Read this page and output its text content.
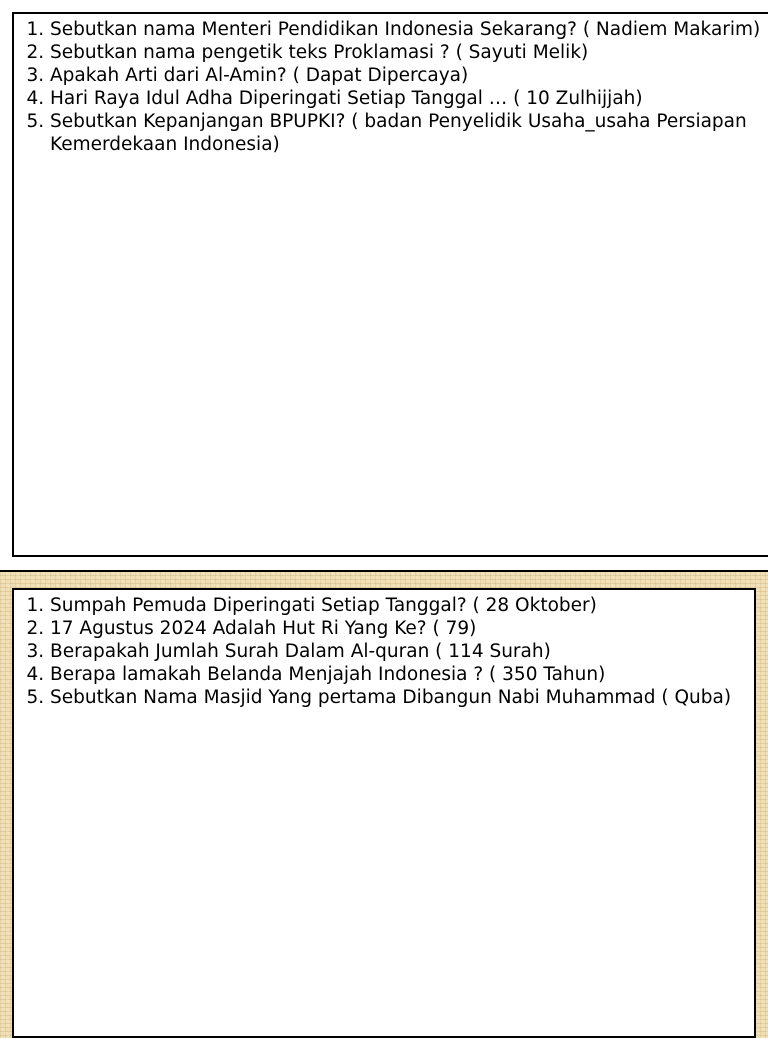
1. Sebutkan nama Menteri Pendidikan Indonesia Sekarang? ( Nadiem Makarim)
2. Sebutkan nama pengetik teks Proklamasi ? ( Sayuti Melik)
3. Apakah Arti dari Al-Amin? ( Dapat Dipercaya)
4. Hari Raya Idul Adha Diperingati Setiap Tanggal … ( 10 Zulhijjah)
5. Sebutkan Kepanjangan BPUPKI? ( badan Penyelidik Usaha_usaha Persiapan Kemerdekaan Indonesia)
1. Sumpah Pemuda Diperingati Setiap Tanggal? ( 28 Oktober)
2. 17 Agustus 2024 Adalah Hut Ri Yang Ke? ( 79)
3. Berapakah Jumlah Surah Dalam Al-quran ( 114 Surah)
4. Berapa lamakah Belanda Menjajah Indonesia ? ( 350 Tahun)
5. Sebutkan Nama Masjid Yang pertama Dibangun Nabi Muhammad ( Quba)
